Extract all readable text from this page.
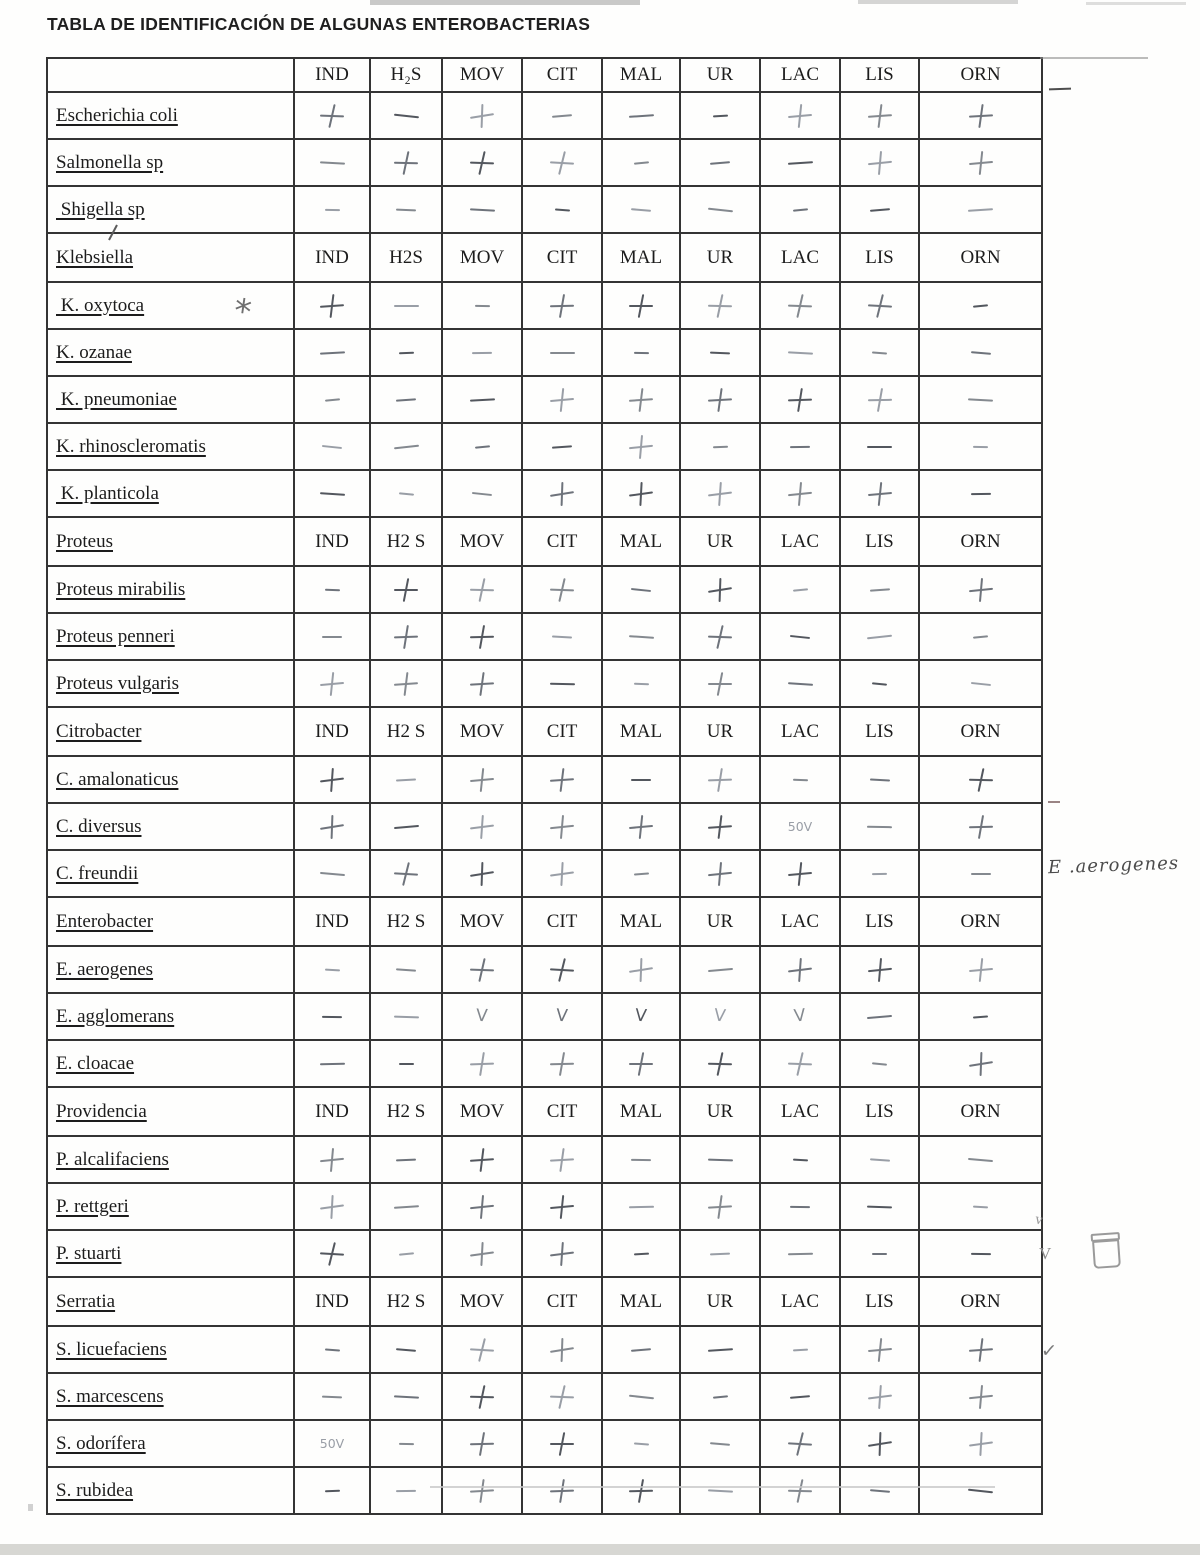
TABLA DE IDENTIFICACIÓN DE ALGUNAS ENTEROBACTERIAS
	IND	H₂S	MOV	CIT	MAL	UR	LAC	LIS	ORN
Escherichia coli									
Salmonella sp									
Shigella sp									
Klebsiella	IND	H2S	MOV	CIT	MAL	UR	LAC	LIS	ORN
K. oxytoca									
K. ozanae									
K. pneumoniae									
K. rhinoscleromatis									
K. planticola									
Proteus	IND	H2 S	MOV	CIT	MAL	UR	LAC	LIS	ORN
Proteus mirabilis									
Proteus penneri									
Proteus vulgaris									
Citrobacter	IND	H2 S	MOV	CIT	MAL	UR	LAC	LIS	ORN
C. amalonaticus									
C. diversus							50V		
C. freundii									
Enterobacter	IND	H2 S	MOV	CIT	MAL	UR	LAC	LIS	ORN
E. aerogenes									
E. agglomerans			V	V	V	V	V		
E. cloacae									
Providencia	IND	H2 S	MOV	CIT	MAL	UR	LAC	LIS	ORN
P. alcalifaciens									
P. rettgeri									
P. stuarti									
Serratia	IND	H2 S	MOV	CIT	MAL	UR	LAC	LIS	ORN
S. licuefaciens									
S. marcescens									
S. odorífera	50V								
S. rubidea									
*
E .aerogenes
v
V
✓
